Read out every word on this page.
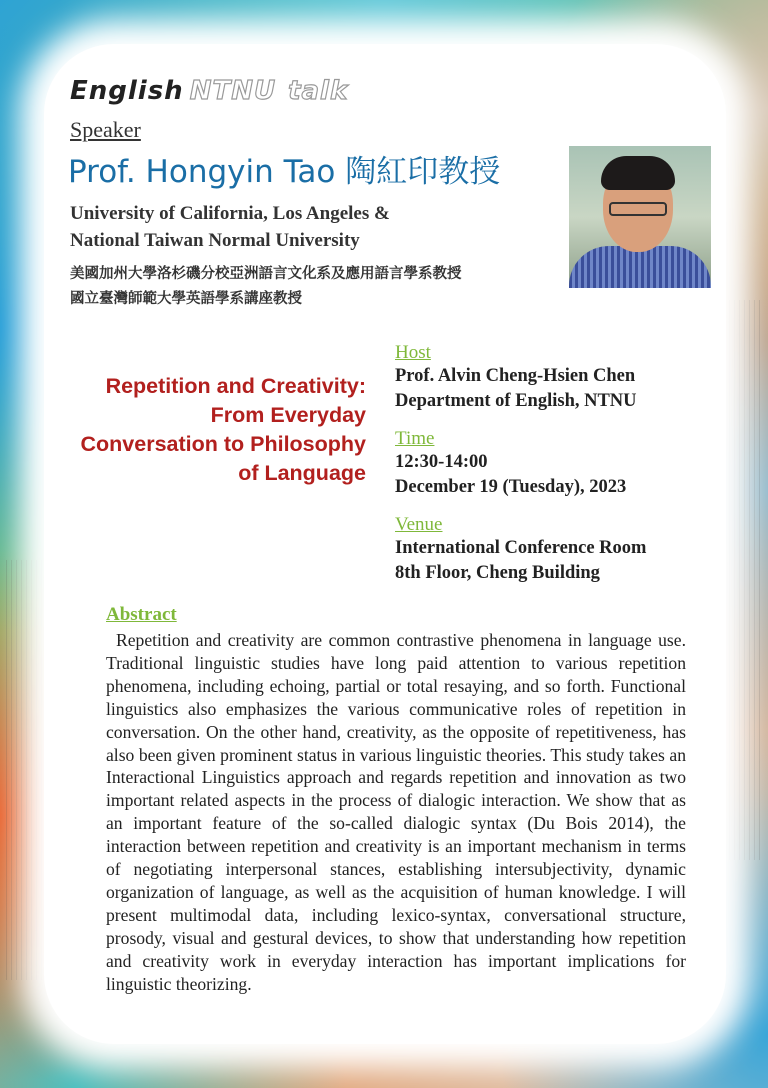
English NTNU talk
Speaker
Prof. Hongyin Tao 陶紅印教授
University of California, Los Angeles &
National Taiwan Normal University
美國加州大學洛杉磯分校亞洲語言文化系及應用語言學系教授
國立臺灣師範大學英語學系講座教授
Repetition and Creativity: From Everyday Conversation to Philosophy of Language
Host
Prof. Alvin Cheng-Hsien Chen
Department of English, NTNU
Time
12:30-14:00
December 19 (Tuesday), 2023
Venue
International Conference Room
8th Floor, Cheng Building
Abstract
Repetition and creativity are common contrastive phenomena in language use. Traditional linguistic studies have long paid attention to various repetition phenomena, including echoing, partial or total resaying, and so forth. Functional linguistics also emphasizes the various communicative roles of repetition in conversation. On the other hand, creativity, as the opposite of repetitiveness, has also been given prominent status in various linguistic theories. This study takes an Interactional Linguistics approach and regards repetition and innovation as two important related aspects in the process of dialogic interaction. We show that as an important feature of the so-called dialogic syntax (Du Bois 2014), the interaction between repetition and creativity is an important mechanism in terms of negotiating interpersonal stances, establishing intersubjectivity, dynamic organization of language, as well as the acquisition of human knowledge. I will present multimodal data, including lexico-syntax, conversational structure, prosody, visual and gestural devices, to show that understanding how repetition and creativity work in everyday interaction has important implications for linguistic theorizing.
